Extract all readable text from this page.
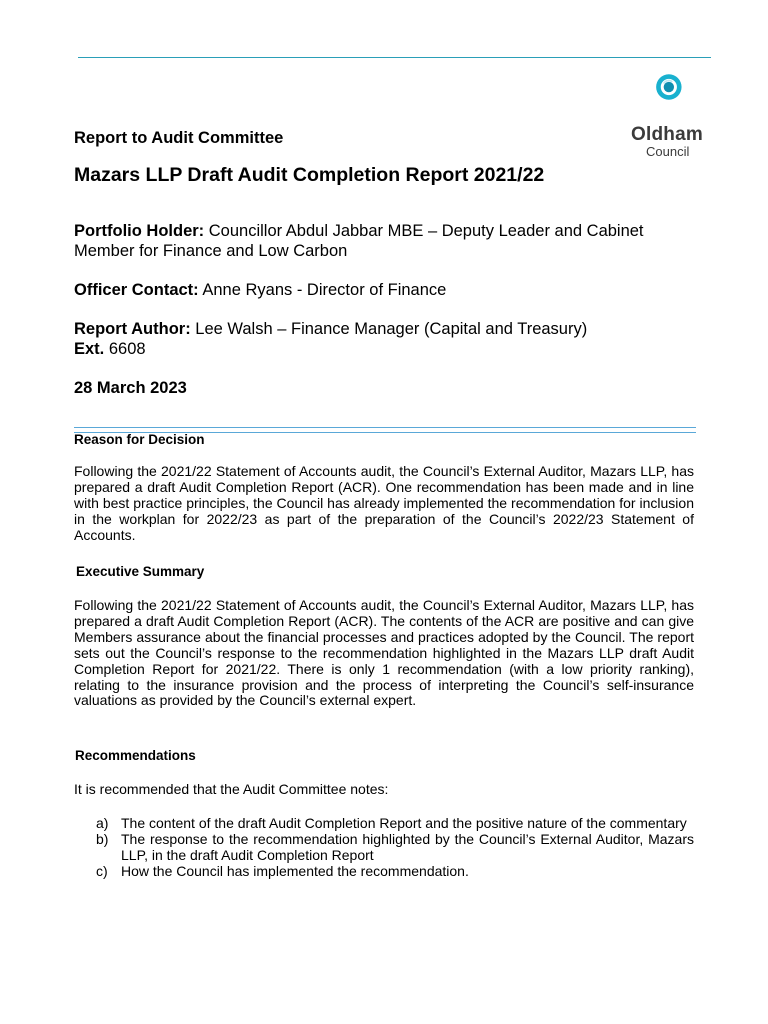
Oldham
Council
Report to Audit Committee
Mazars LLP Draft Audit Completion Report 2021/22
Portfolio Holder: Councillor Abdul Jabbar MBE – Deputy Leader and Cabinet Member for Finance and Low Carbon
Officer Contact: Anne Ryans - Director of Finance
Report Author: Lee Walsh – Finance Manager (Capital and Treasury)
Ext. 6608
28 March 2023
Reason for Decision
Following the 2021/22 Statement of Accounts audit, the Council’s External Auditor, Mazars LLP, has prepared a draft Audit Completion Report (ACR). One recommendation has been made and in line with best practice principles, the Council has already implemented the recommendation for inclusion in the workplan for 2022/23 as part of the preparation of the Council’s 2022/23 Statement of Accounts.
Executive Summary
Following the 2021/22 Statement of Accounts audit, the Council’s External Auditor, Mazars LLP, has prepared a draft Audit Completion Report (ACR). The contents of the ACR are positive and can give Members assurance about the financial processes and practices adopted by the Council. The report sets out the Council’s response to the recommendation highlighted in the Mazars LLP draft Audit Completion Report for 2021/22. There is only 1 recommendation (with a low priority ranking), relating to the insurance provision and the process of interpreting the Council’s self-insurance valuations as provided by the Council’s external expert.
Recommendations
It is recommended that the Audit Committee notes:
a) The content of the draft Audit Completion Report and the positive nature of the commentary
b) The response to the recommendation highlighted by the Council’s External Auditor, Mazars LLP, in the draft Audit Completion Report
c) How the Council has implemented the recommendation.
